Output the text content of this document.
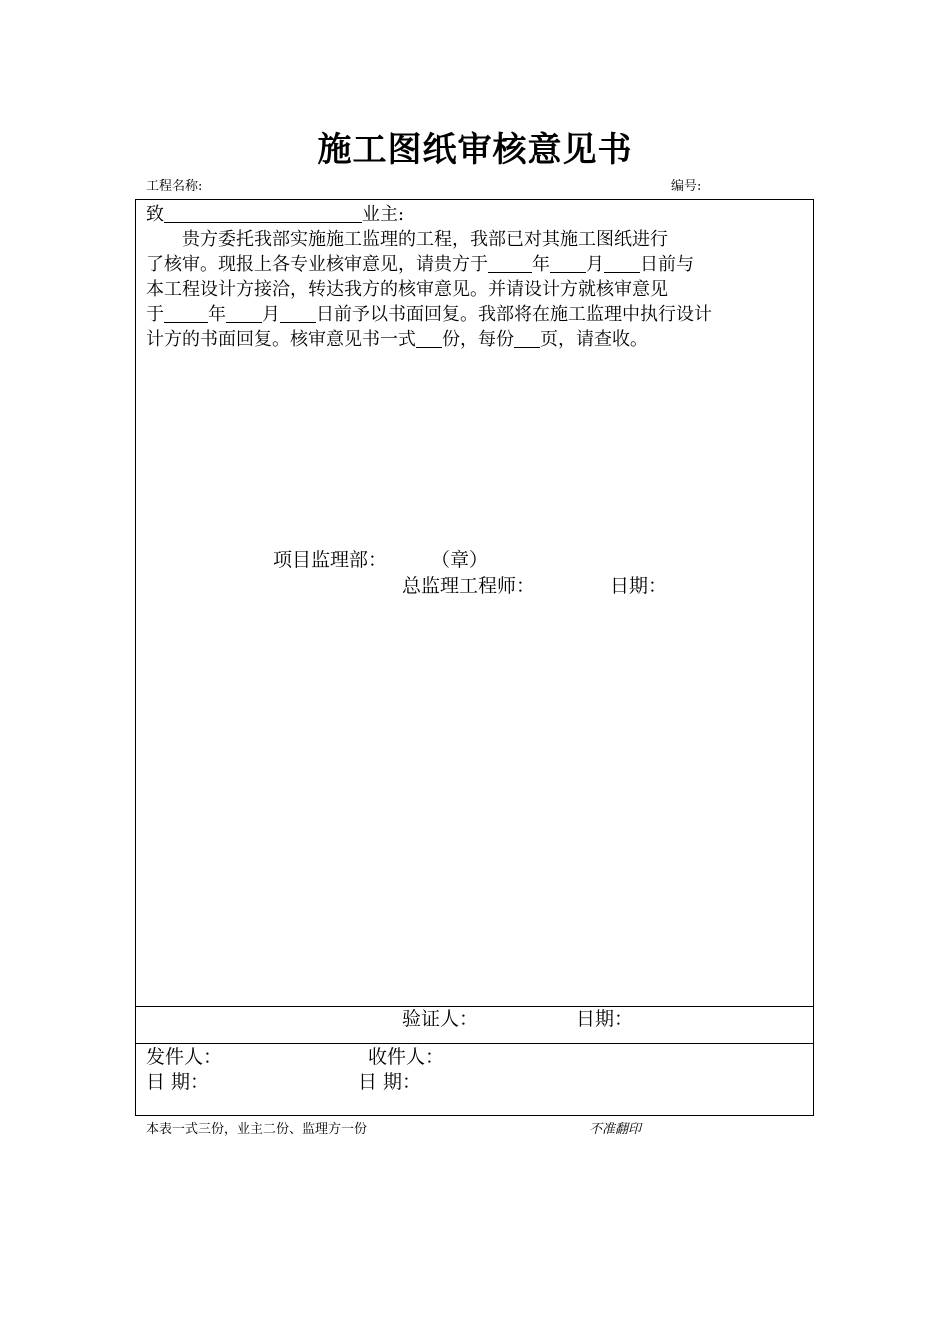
施工图纸审核意见书
工程名称:	编号:
致	业主:
贵方委托我部实施施工监理的工程，我部已对其施工图纸进行
了核审。现报上各专业核审意见，请贵方于 年 月 日前与
本工程设计方接洽，转达我方的核审意见。并请设计方就核审意见
于 年 月 日前予以书面回复。我部将在施工监理中执行设计
计方的书面回复。核审意见书一式 份，每份 页，请查收。
项目监理部： （章）
总监理工程师：	日期：
验证人：	日期：
发件人：	收件人：
日 期：	日 期：
本表一式三份，业主二份、监理方一份	不准翻印
